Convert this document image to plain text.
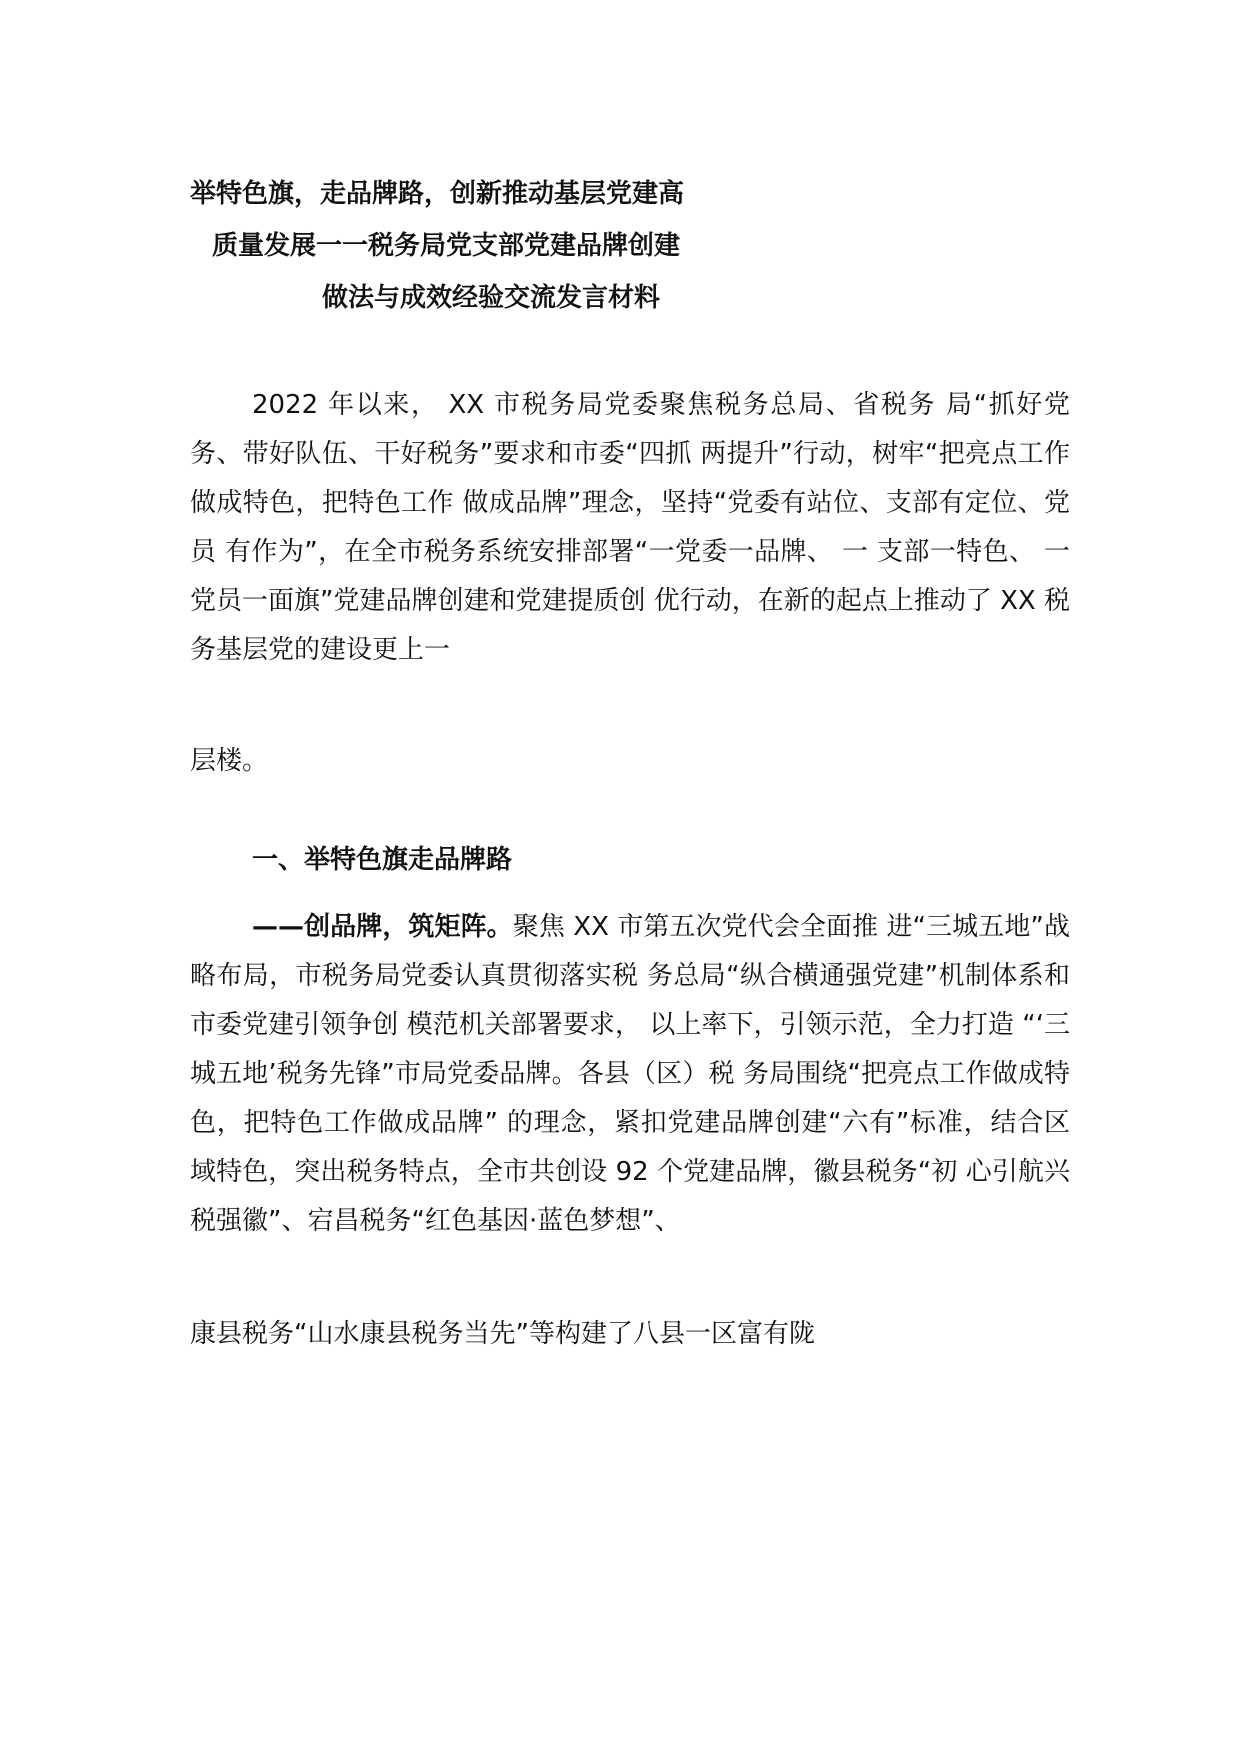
举特色旗，走品牌路，创新推动基层党建高
质量发展一一税务局党支部党建品牌创建
做法与成效经验交流发言材料
2022 年以来， XX 市税务局党委聚焦税务总局、省税务 局“抓好党务、带好队伍、干好税务”要求和市委“四抓 两提升”行动，树牢“把亮点工作做成特色，把特色工作 做成品牌”理念，坚持“党委有站位、支部有定位、党员 有作为”，在全市税务系统安排部署“一党委一品牌、 一 支部一特色、 一党员一面旗”党建品牌创建和党建提质创 优行动，在新的起点上推动了 XX 税务基层党的建设更上一
层楼。
一、举特色旗走品牌路
——创品牌，筑矩阵。聚焦 XX 市第五次党代会全面推 进“三城五地”战略布局，市税务局党委认真贯彻落实税 务总局“纵合横通强党建”机制体系和市委党建引领争创 模范机关部署要求， 以上率下，引领示范，全力打造 “‘三城五地’税务先锋”市局党委品牌。各县（区）税 务局围绕“把亮点工作做成特色，把特色工作做成品牌” 的理念，紧扣党建品牌创建“六有”标准，结合区域特色，突出税务特点，全市共创设 92 个党建品牌，徽县税务“初 心引航兴税强徽”、宕昌税务“红色基因·蓝色梦想”、
康县税务“山水康县税务当先”等构建了八县一区富有陇
